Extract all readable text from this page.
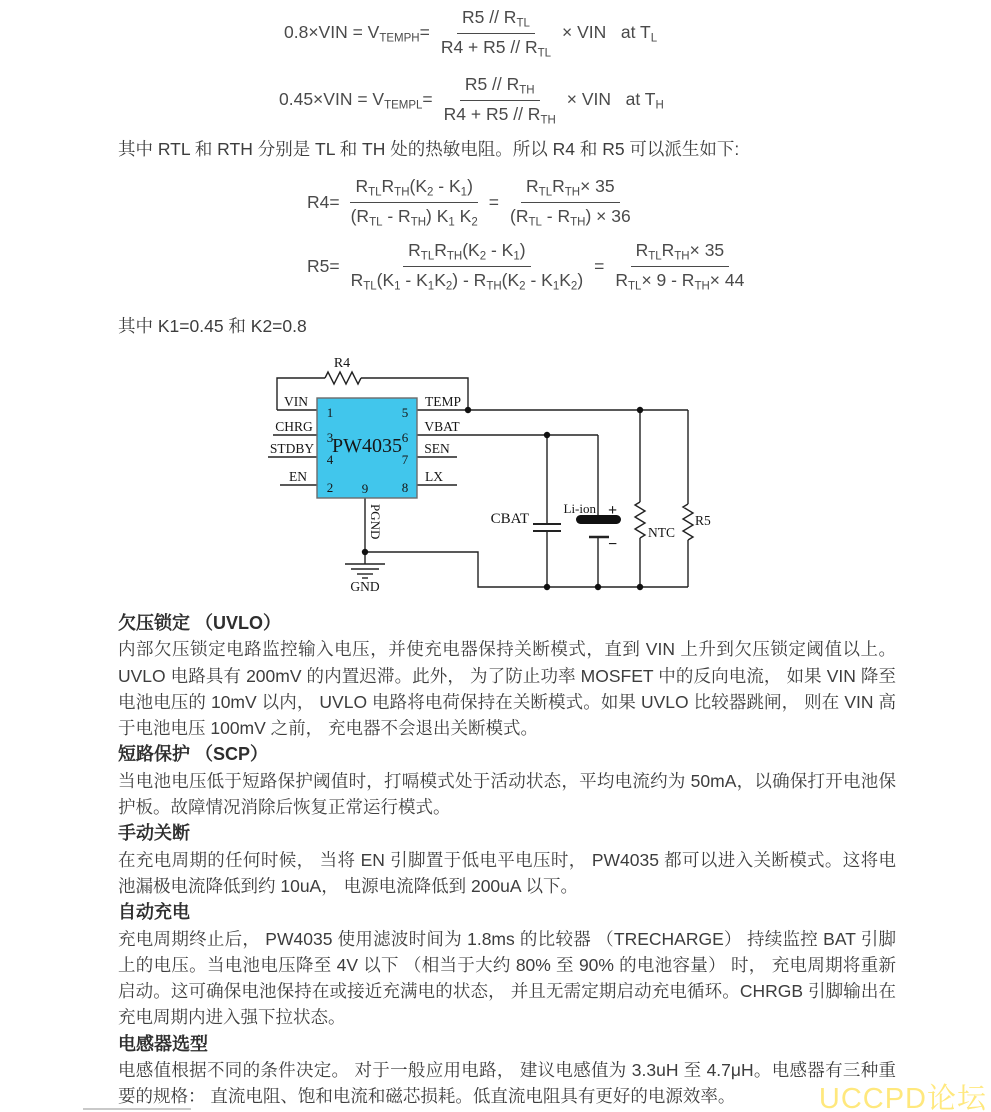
$0.8\times VIN = V_{TEMPH}= \frac{R5 // R_{TL}}{R4 + R5 // R_{TL}}$ × VIN   at $T_L$
$0.45\times VIN = V_{TEMPL}= \frac{R5 // R_{TH}}{R4 + R5 // R_{TH}}$ × VIN   at $T_H$

其中 RTL 和 RTH 分别是 TL 和 TH 处的热敏电阻。所以 R4 和 R5 可以派生如下:

$R4= \frac{R_{TL}R_{TH}(K_2 - K_1)}{(R_{TL} - R_{TH}) K_1 K_2} = \frac{R_{TL}R_{TH}\times 35}{(R_{TL} - R_{TH}) \times 36}$
$R5= \frac{R_{TL}R_{TH}(K_2 - K_1)}{R_{TL}(K_1 - K_1K_2) - R_{TH}(K_2 - K_1K_2)} = \frac{R_{TL}R_{TH}\times 35}{R_{TL}\times 9 - R_{TH}\times 44}$

其中 K1=0.45 和 K2=0.8

PW4035
VIN
CHRG
STDBY
EN
TEMP
VBAT
SEN
LX
1
3
4
2
5
6
7
8
9
PGND
GND
R4
CBAT
Li-ion +
−
NTC
R5
欠压锁定 （UVLO）

内部欠压锁定电路监控输入电压，并使充电器保持关断模式，直到 VIN 上升到欠压锁定阈值以上。UVLO 电路具有 200mV 的内置迟滞。此外， 为了防止功率 MOSFET 中的反向电流， 如果 VIN 降至电池电压的 10mV 以内， UVLO 电路将电荷保持在关断模式。如果 UVLO 比较器跳闸， 则在 VIN 高于电池电压 100mV 之前， 充电器不会退出关断模式。

短路保护 （SCP）

当电池电压低于短路保护阈值时，打嗝模式处于活动状态，平均电流约为 50mA，以确保打开电池保护板。故障情况消除后恢复正常运行模式。

手动关断

在充电周期的任何时候， 当将 EN 引脚置于低电平电压时， PW4035 都可以进入关断模式。这将电池漏极电流降低到约 10uA， 电源电流降低到 200uA 以下。

自动充电

充电周期终止后， PW4035 使用滤波时间为 1.8ms 的比较器 （TRECHARGE） 持续监控 BAT 引脚上的电压。当电池电压降至 4V 以下 （相当于大约 80% 至 90% 的电池容量） 时， 充电周期将重新启动。这可确保电池保持在或接近充满电的状态， 并且无需定期启动充电循环。CHRGB 引脚输出在充电周期内进入强下拉状态。

电感器选型

电感值根据不同的条件决定。 对于一般应用电路， 建议电感值为 3.3uH 至 4.7μH。电感器有三种重要的规格： 直流电阻、饱和电流和磁芯损耗。低直流电阻具有更好的电源效率。	UCCPD论坛
